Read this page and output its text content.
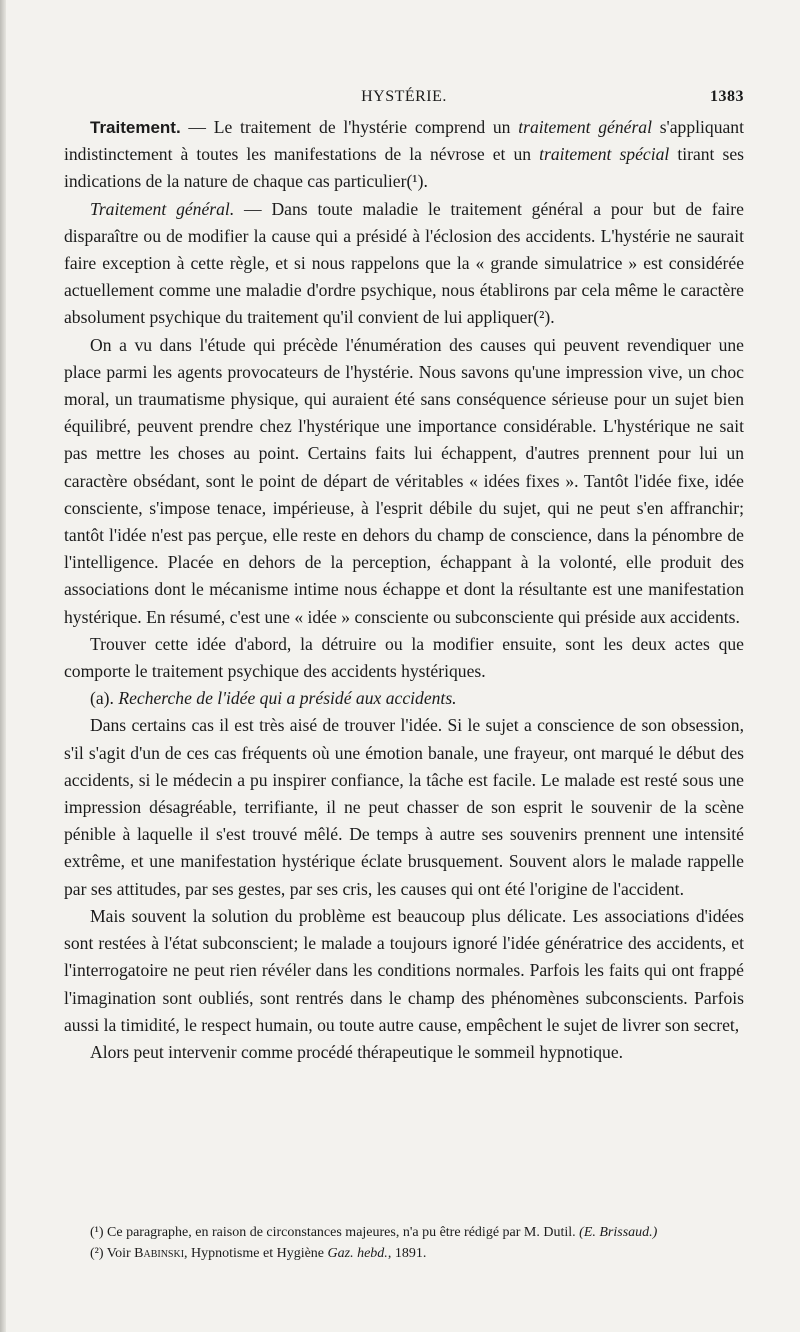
HYSTÉRIE.	1383

Traitement. — Le traitement de l'hystérie comprend un traitement général s'appliquant indistinctement à toutes les manifestations de la névrose et un traitement spécial tirant ses indications de la nature de chaque cas particulier(¹).

Traitement général. — Dans toute maladie le traitement général a pour but de faire disparaître ou de modifier la cause qui a présidé à l'éclosion des accidents. L'hystérie ne saurait faire exception à cette règle, et si nous rappelons que la « grande simulatrice » est considérée actuellement comme une maladie d'ordre psychique, nous établirons par cela même le caractère absolument psychique du traitement qu'il convient de lui appliquer(²).

On a vu dans l'étude qui précède l'énumération des causes qui peuvent revendiquer une place parmi les agents provocateurs de l'hystérie. Nous savons qu'une impression vive, un choc moral, un traumatisme physique, qui auraient été sans conséquence sérieuse pour un sujet bien équilibré, peuvent prendre chez l'hystérique une importance considérable. L'hystérique ne sait pas mettre les choses au point. Certains faits lui échappent, d'autres prennent pour lui un caractère obsédant, sont le point de départ de véritables « idées fixes ». Tantôt l'idée fixe, idée consciente, s'impose tenace, impérieuse, à l'esprit débile du sujet, qui ne peut s'en affranchir; tantôt l'idée n'est pas perçue, elle reste en dehors du champ de conscience, dans la pénombre de l'intelligence. Placée en dehors de la perception, échappant à la volonté, elle produit des associations dont le mécanisme intime nous échappe et dont la résultante est une manifestation hystérique. En résumé, c'est une « idée » consciente ou subconsciente qui préside aux accidents.

Trouver cette idée d'abord, la détruire ou la modifier ensuite, sont les deux actes que comporte le traitement psychique des accidents hystériques.

(a). Recherche de l'idée qui a présidé aux accidents.

Dans certains cas il est très aisé de trouver l'idée. Si le sujet a conscience de son obsession, s'il s'agit d'un de ces cas fréquents où une émotion banale, une frayeur, ont marqué le début des accidents, si le médecin a pu inspirer confiance, la tâche est facile. Le malade est resté sous une impression désagréable, terrifiante, il ne peut chasser de son esprit le souvenir de la scène pénible à laquelle il s'est trouvé mêlé. De temps à autre ses souvenirs prennent une intensité extrême, et une manifestation hystérique éclate brusquement. Souvent alors le malade rappelle par ses attitudes, par ses gestes, par ses cris, les causes qui ont été l'origine de l'accident.

Mais souvent la solution du problème est beaucoup plus délicate. Les associations d'idées sont restées à l'état subconscient; le malade a toujours ignoré l'idée génératrice des accidents, et l'interrogatoire ne peut rien révéler dans les conditions normales. Parfois les faits qui ont frappé l'imagination sont oubliés, sont rentrés dans le champ des phénomènes subconscients. Parfois aussi la timidité, le respect humain, ou toute autre cause, empêchent le sujet de livrer son secret,

Alors peut intervenir comme procédé thérapeutique le sommeil hypnotique.

(¹) Ce paragraphe, en raison de circonstances majeures, n'a pu être rédigé par M. Dutil. (E. Brissaud.)

(²) Voir Babinski, Hypnotisme et Hygiène Gaz. hebd., 1891.
